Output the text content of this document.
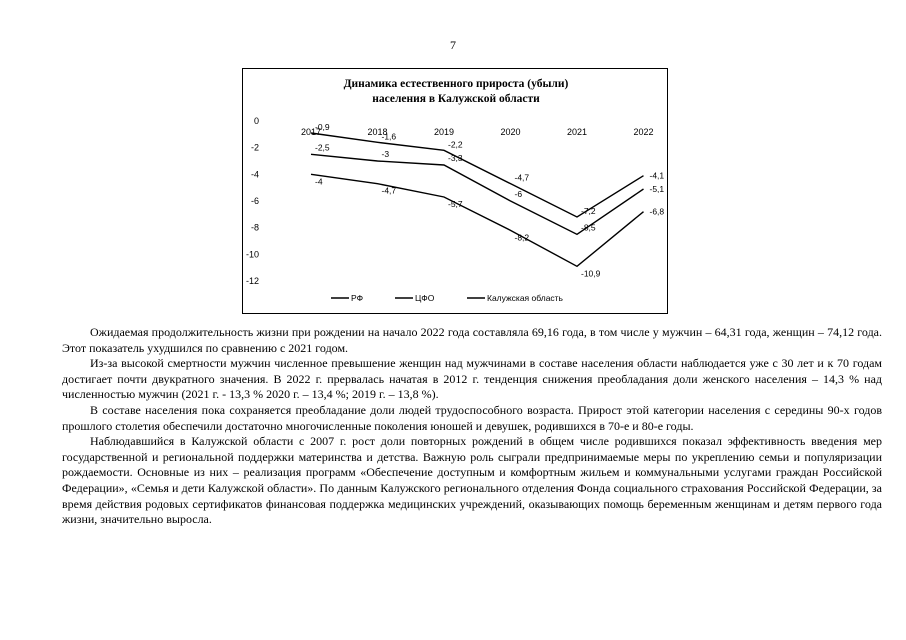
7
Динамика естественного прироста (убыли)
населения в Калужской области
0
-2
-4
-6
-8
-10
-12
2017	2018	2019	2020	2021	2022
-0,9
-1,6
-2,2
-4,7
-7,2
-4,1
-2,5
-3	-3,3
-6
-8,5
-5,1
-4
-4,7
-5,7
-8,2
-10,9
-6,8
РФ	ЦФО	Калужская область

Ожидаемая продолжительность жизни при рождении на начало 2022 года составляла 69,16 года, в том числе у мужчин – 64,31 года, женщин – 74,12 года. Этот показатель ухудшился по сравнению с 2021 годом.

Из-за высокой смертности мужчин численное превышение женщин над мужчинами в составе населения области наблюдается уже с 30 лет и к 70 годам достигает почти двукратного значения. В 2022 г. прервалась начатая в 2012 г. тенденция снижения преобладания доли женского населения – 14,3 % над численностью мужчин (2021 г. - 13,3 % 2020 г. – 13,4 %; 2019 г. – 13,8 %).

В составе населения пока сохраняется преобладание доли людей трудоспособного возраста. Прирост этой категории населения с середины 90-х годов прошлого столетия обеспечили достаточно многочисленные поколения юношей и девушек, родившихся в 70-е и 80-е годы.

Наблюдавшийся в Калужской области с 2007 г. рост доли повторных рождений в общем числе родившихся показал эффективность введения мер государственной и региональной поддержки материнства и детства. Важную роль сыграли предпринимаемые меры по укреплению семьи и популяризации рождаемости. Основные из них – реализация программ «Обеспечение доступным и комфортным жильем и коммунальными услугами граждан Российской Федерации», «Семья и дети Калужской области». По данным Калужского регионального отделения Фонда социального страхования Российской Федерации, за время действия родовых сертификатов финансовая поддержка медицинских учреждений, оказывающих помощь беременным женщинам и детям первого года жизни, значительно выросла.
